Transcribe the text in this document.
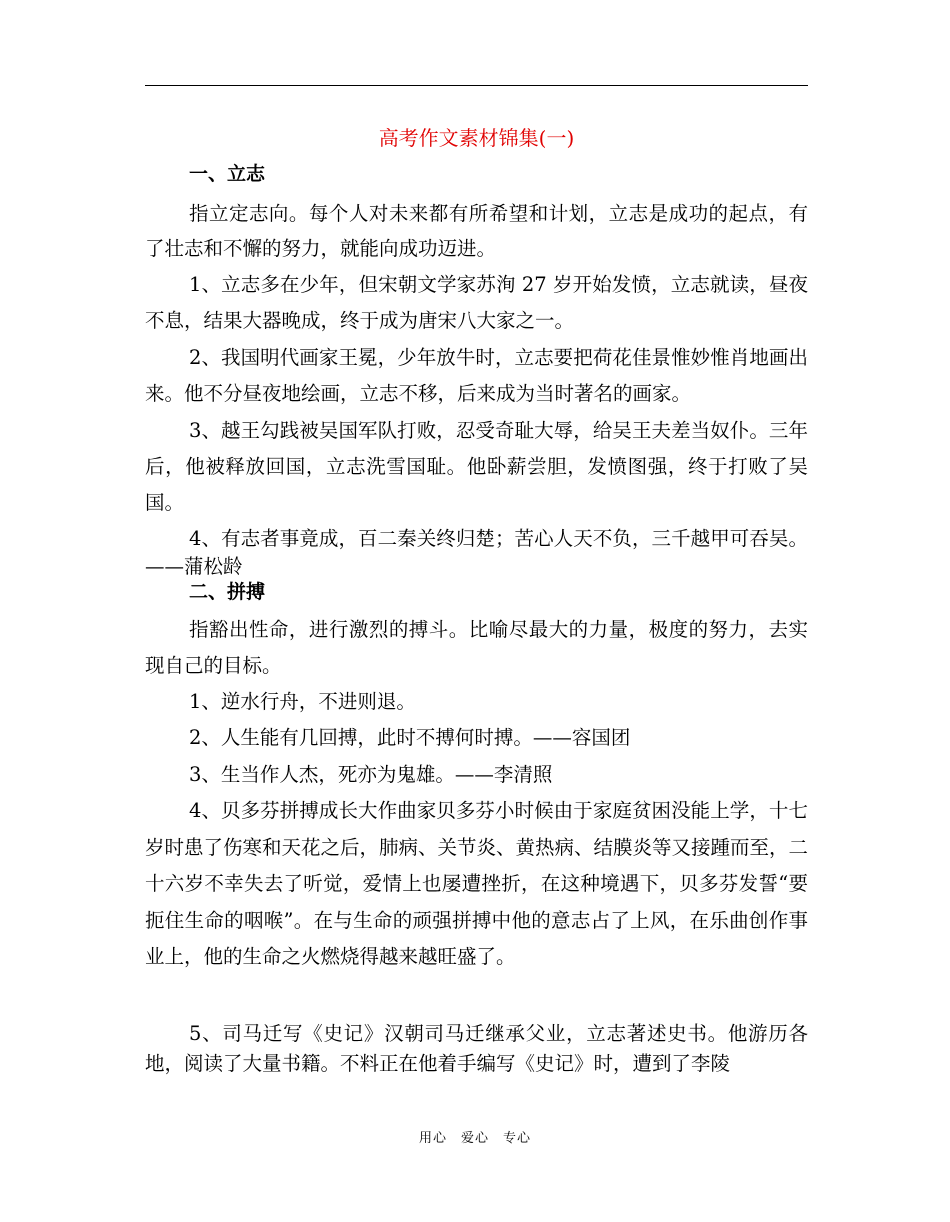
高考作文素材锦集(一)
一、立志
指立定志向。每个人对未来都有所希望和计划，立志是成功的起点，有了壮志和不懈的努力，就能向成功迈进。
1、立志多在少年，但宋朝文学家苏洵 27 岁开始发愤，立志就读，昼夜不息，结果大器晚成，终于成为唐宋八大家之一。
2、我国明代画家王冕，少年放牛时，立志要把荷花佳景惟妙惟肖地画出来。他不分昼夜地绘画，立志不移，后来成为当时著名的画家。
3、越王勾践被吴国军队打败，忍受奇耻大辱，给吴王夫差当奴仆。三年后，他被释放回国，立志洗雪国耻。他卧薪尝胆，发愤图强，终于打败了吴国。
4、有志者事竟成，百二秦关终归楚；苦心人天不负，三千越甲可吞吴。——蒲松龄
二、拼搏
指豁出性命，进行激烈的搏斗。比喻尽最大的力量，极度的努力，去实现自己的目标。
1、逆水行舟，不进则退。
2、人生能有几回搏，此时不搏何时搏。——容国团
3、生当作人杰，死亦为鬼雄。——李清照
4、贝多芬拼搏成长大作曲家贝多芬小时候由于家庭贫困没能上学，十七岁时患了伤寒和天花之后，肺病、关节炎、黄热病、结膜炎等又接踵而至，二十六岁不幸失去了听觉，爱情上也屡遭挫折，在这种境遇下，贝多芬发誓“要扼住生命的咽喉”。在与生命的顽强拼搏中他的意志占了上风，在乐曲创作事业上，他的生命之火燃烧得越来越旺盛了。
5、司马迁写《史记》汉朝司马迁继承父业，立志著述史书。他游历各地，阅读了大量书籍。不料正在他着手编写《史记》时，遭到了李陵
用心　爱心　专心
